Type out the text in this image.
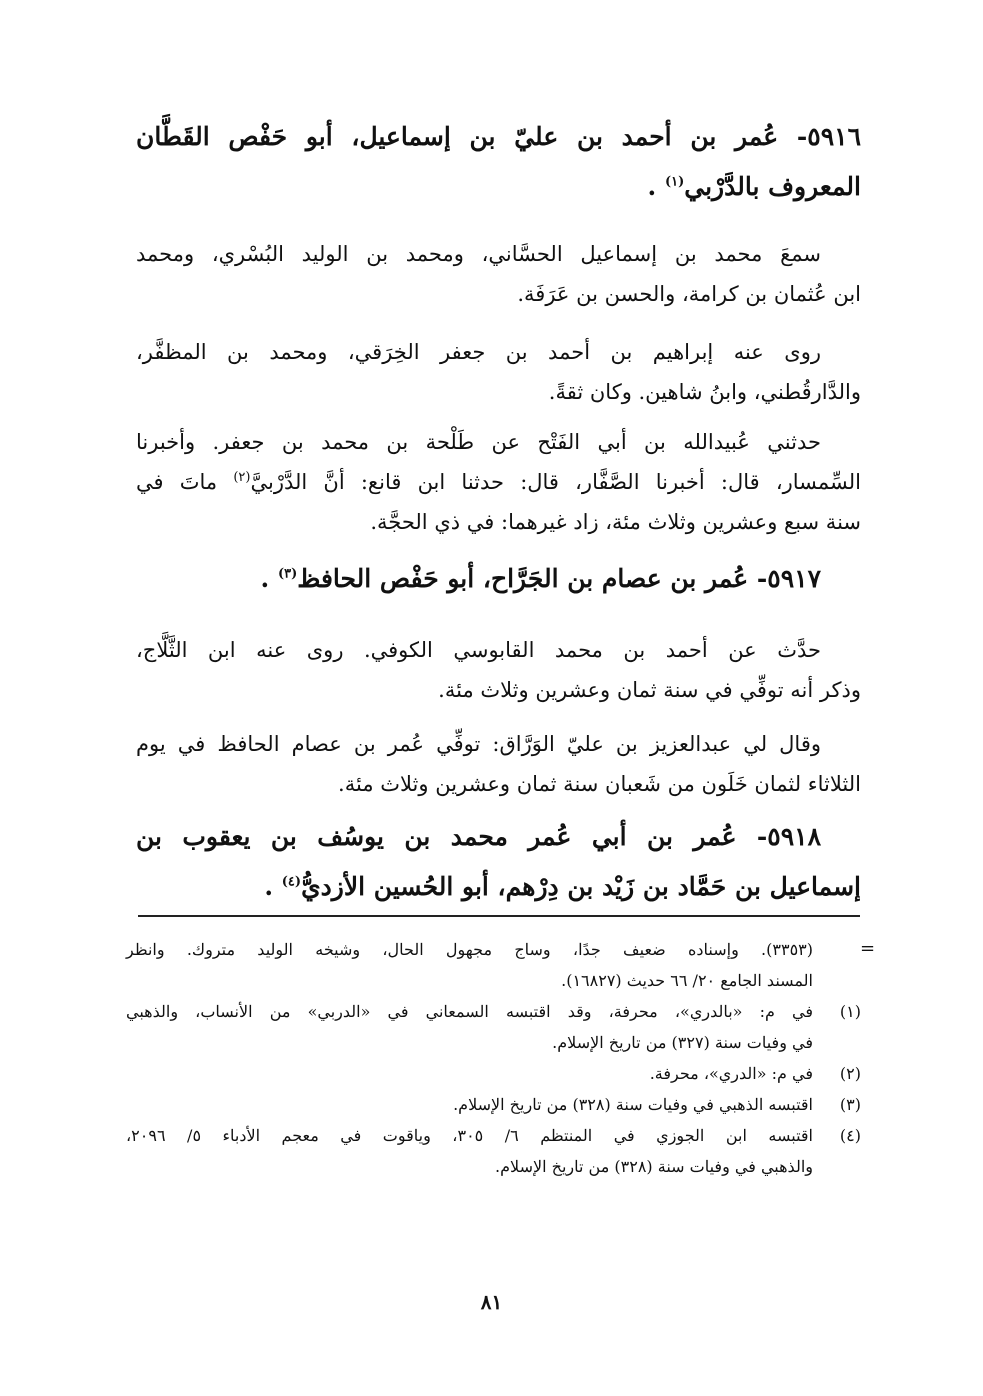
٥٩١٦- عُمر بن أحمد بن عليّ بن إسماعيل، أبو حَفْص القَطَّان
المعروف بالدَّرْبي$^{(١)}$ .
سمعَ محمد بن إسماعيل الحسَّاني، ومحمد بن الوليد البُسْري، ومحمد
ابن عُثمان بن كرامة، والحسن بن عَرَفَة.
روى عنه إبراهيم بن أحمد بن جعفر الخِرَقي، ومحمد بن المظفَّر،
والدَّارقُطني، وابنُ شاهين. وكان ثقةً.
حدثني عُبيدالله بن أبي الفَتْح عن طَلْحة بن محمد بن جعفر. وأخبرنا
السِّمسار، قال: أخبرنا الصَّفَّار، قال: حدثنا ابن قانع: أنَّ الدَّرْبيَّ$^{(٢)}$ ماتَ في
سنة سبع وعشرين وثلاث مئة، زاد غيرهما: في ذي الحجَّة.
٥٩١٧- عُمر بن عصام بن الجَرَّاح، أبو حَفْص الحافظ$^{(٣)}$ .
حدَّث عن أحمد بن محمد القابوسي الكوفي. روى عنه ابن الثَّلَّاج،
وذكر أنه توفِّي في سنة ثمان وعشرين وثلاث مئة.
وقال لي عبدالعزيز بن عليّ الوَرَّاق: توفِّي عُمر بن عصام الحافظ في يوم
الثلاثاء لثمان خَلَون من شَعبان سنة ثمان وعشرين وثلاث مئة.
٥٩١٨- عُمر بن أبي عُمر محمد بن يوسُف بن يعقوب بن
إسماعيل بن حَمَّاد بن زَيْد بن دِرْهم، أبو الحُسين الأزديُّ$^{(٤)}$ .
=
(٣٣٥٣). وإسناده ضعيف جدًا، وساج مجهول الحال، وشيخه الوليد متروك. وانظر
المسند الجامع ٢٠/ ٦٦ حديث (١٦٨٢٧).
(١)
في م: «بالدري»، محرفة، وقد اقتبسه السمعاني في «الدربي» من الأنساب، والذهبي
في وفيات سنة (٣٢٧) من تاريخ الإسلام.
(٢)
في م: «الدري»، محرفة.
(٣)
اقتبسه الذهبي في وفيات سنة (٣٢٨) من تاريخ الإسلام.
(٤)
اقتبسه ابن الجوزي في المنتظم ٦/ ٣٠٥، وياقوت في معجم الأدباء ٥/ ٢٠٩٦،
والذهبي في وفيات سنة (٣٢٨) من تاريخ الإسلام.
٨١
